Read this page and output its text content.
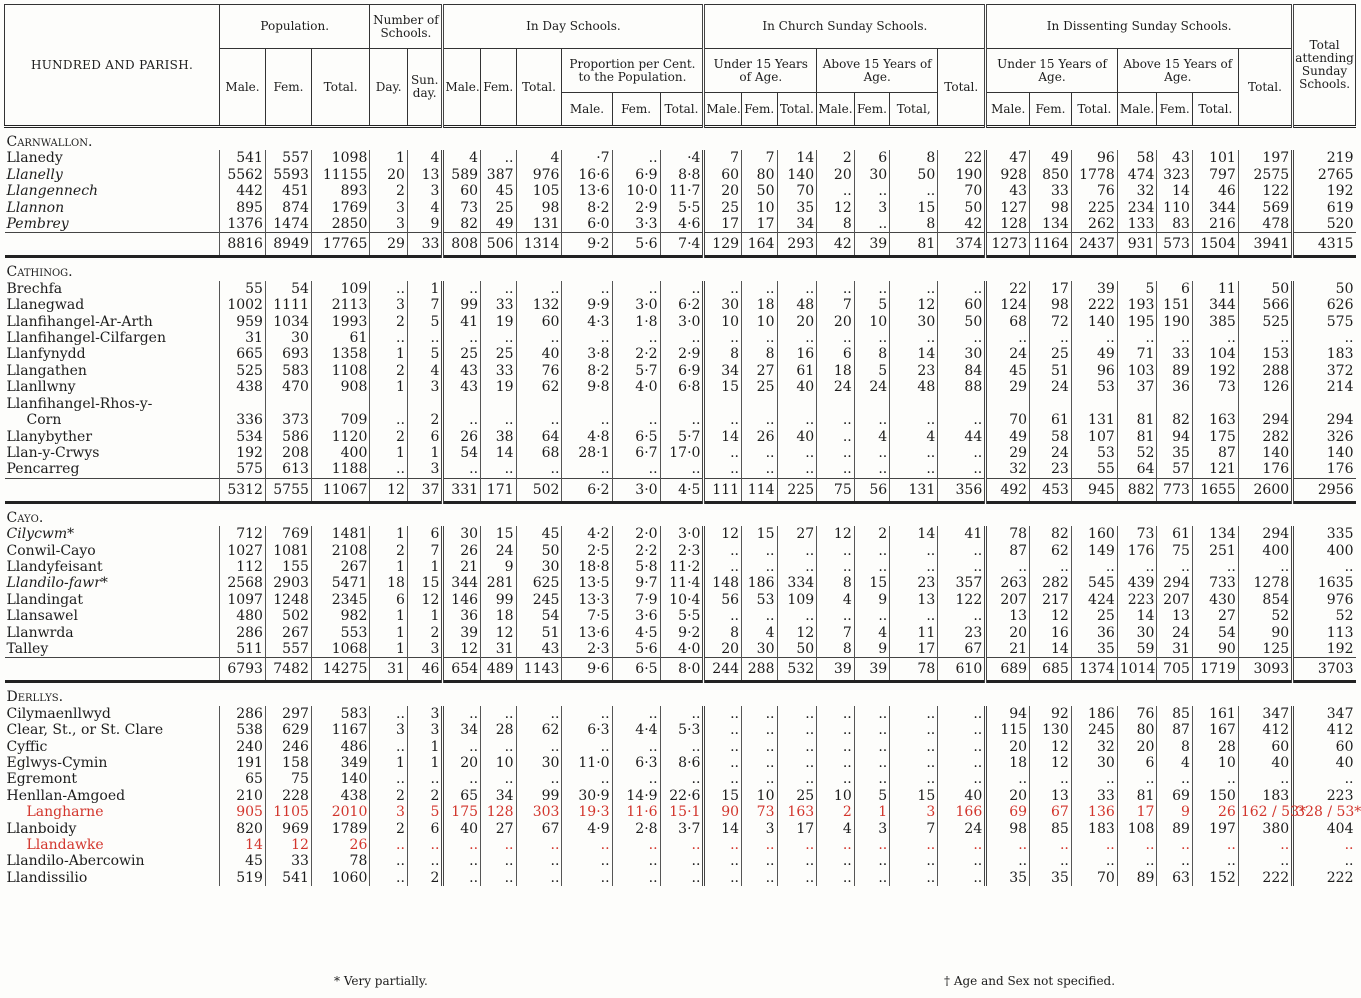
HUNDRED AND PARISH.	Population.			Number of Schools.		In Day Schools.						In Church Sunday Schools.							In Dissenting Sunday Schools.							Total attending Sunday Schools.
	Male.	Fem.	Total.	Day.	Sun. day.	Male.	Fem.	Total.	Proportion per Cent. to the Population.			Under 15 Years of Age.			Above 15 Years of Age.			Total.	Under 15 Years of Age.			Above 15 Years of Age.			Total.	
									Male.	Fem.	Total.	Male.	Fem.	Total.	Male.	Fem.	Total,		Male.	Fem.	Total.	Male.	Fem.	Total.		
Carnwallon.																										
Llanedy	541	557	1098	1	4	4	..	4	·7	..	·4	7	7	14	2	6	8	22	47	49	96	58	43	101	197	219
Llanelly	5562	5593	11155	20	13	589	387	976	16·6	6·9	8·8	60	80	140	20	30	50	190	928	850	1778	474	323	797	2575	2765
Llangennech	442	451	893	2	3	60	45	105	13·6	10·0	11·7	20	50	70	..	..	..	70	43	33	76	32	14	46	122	192
Llannon	895	874	1769	3	4	73	25	98	8·2	2·9	5·5	25	10	35	12	3	15	50	127	98	225	234	110	344	569	619
Pembrey	1376	1474	2850	3	9	82	49	131	6·0	3·3	4·6	17	17	34	8	..	8	42	128	134	262	133	83	216	478	520
	8816	8949	17765	29	33	808	506	1314	9·2	5·6	7·4	129	164	293	42	39	81	374	1273	1164	2437	931	573	1504	3941	4315
Cathinog.																										
Brechfa	55	54	109	..	1	..	..	..	..	..	..	..	..	..	..	..	..	..	22	17	39	5	6	11	50	50
Llanegwad	1002	1111	2113	3	7	99	33	132	9·9	3·0	6·2	30	18	48	7	5	12	60	124	98	222	193	151	344	566	626
Llanfihangel-Ar-Arth	959	1034	1993	2	5	41	19	60	4·3	1·8	3·0	10	10	20	20	10	30	50	68	72	140	195	190	385	525	575
Llanfihangel-Cilfargen	31	30	61	..	..	..	..	..	..	..	..	..	..	..	..	..	..	..	..	..	..	..	..	..	..	..
Llanfynydd	665	693	1358	1	5	25	25	40	3·8	2·2	2·9	8	8	16	6	8	14	30	24	25	49	71	33	104	153	183
Llangathen	525	583	1108	2	4	43	33	76	8·2	5·7	6·9	34	27	61	18	5	23	84	45	51	96	103	89	192	288	372
Llanllwny	438	470	908	1	3	43	19	62	9·8	4·0	6·8	15	25	40	24	24	48	88	29	24	53	37	36	73	126	214
Llanfihangel-Rhos-y-																										
Corn	336	373	709	..	2	..	..	..	..	..	..	..	..	..	..	..	..	..	70	61	131	81	82	163	294	294
Llanybyther	534	586	1120	2	6	26	38	64	4·8	6·5	5·7	14	26	40	..	4	4	44	49	58	107	81	94	175	282	326
Llan-y-Crwys	192	208	400	1	1	54	14	68	28·1	6·7	17·0	..	..	..	..	..	..	..	29	24	53	52	35	87	140	140
Pencarreg	575	613	1188	..	3	..	..	..	..	..	..	..	..	..	..	..	..	..	32	23	55	64	57	121	176	176
	5312	5755	11067	12	37	331	171	502	6·2	3·0	4·5	111	114	225	75	56	131	356	492	453	945	882	773	1655	2600	2956
Cayo.																										
Cilycwm*	712	769	1481	1	6	30	15	45	4·2	2·0	3·0	12	15	27	12	2	14	41	78	82	160	73	61	134	294	335
Conwil-Cayo	1027	1081	2108	2	7	26	24	50	2·5	2·2	2·3	..	..	..	..	..	..	..	87	62	149	176	75	251	400	400
Llandyfeisant	112	155	267	1	1	21	9	30	18·8	5·8	11·2	..	..	..	..	..	..	..	..	..	..	..	..	..	..	..
Llandilo-fawr*	2568	2903	5471	18	15	344	281	625	13·5	9·7	11·4	148	186	334	8	15	23	357	263	282	545	439	294	733	1278	1635
Llandingat	1097	1248	2345	6	12	146	99	245	13·3	7·9	10·4	56	53	109	4	9	13	122	207	217	424	223	207	430	854	976
Llansawel	480	502	982	1	1	36	18	54	7·5	3·6	5·5	..	..	..	..	..	..	..	13	12	25	14	13	27	52	52
Llanwrda	286	267	553	1	2	39	12	51	13·6	4·5	9·2	8	4	12	7	4	11	23	20	16	36	30	24	54	90	113
Talley	511	557	1068	1	3	12	31	43	2·3	5·6	4·0	20	30	50	8	9	17	67	21	14	35	59	31	90	125	192
	6793	7482	14275	31	46	654	489	1143	9·6	6·5	8·0	244	288	532	39	39	78	610	689	685	1374	1014	705	1719	3093	3703
Derllys.																										
Cilymaenllwyd	286	297	583	..	3	..	..	..	..	..	..	..	..	..	..	..	..	..	94	92	186	76	85	161	347	347
Clear, St., or St. Clare	538	629	1167	3	3	34	28	62	6·3	4·4	5·3	..	..	..	..	..	..	..	115	130	245	80	87	167	412	412
Cyffic	240	246	486	..	1	..	..	..	..	..	..	..	..	..	..	..	..	..	20	12	32	20	8	28	60	60
Eglwys-Cymin	191	158	349	1	1	20	10	30	11·0	6·3	8·6	..	..	..	..	..	..	..	18	12	30	6	4	10	40	40
Egremont	65	75	140	..	..	..	..	..	..	..	..	..	..	..	..	..	..	..	..	..	..	..	..	..	..	..
Henllan-Amgoed	210	228	438	2	2	65	34	99	30·9	14·9	22·6	15	10	25	10	5	15	40	20	13	33	81	69	150	183	223
Langharne	905	1105	2010	3	5	175	128	303	19·3	11·6	15·1	90	73	163	2	1	3	166	69	67	136	17	9	26	162 / 53*	328 / 53*
Llanboidy	820	969	1789	2	6	40	27	67	4·9	2·8	3·7	14	3	17	4	3	7	24	98	85	183	108	89	197	380	404
Llandawke	14	12	26	..	..	..	..	..	..	..	..	..	..	..	..	..	..	..	..	..	..	..	..	..	..	..
Llandilo-Abercowin	45	33	78	..	..	..	..	..	..	..	..	..	..	..	..	..	..	..	..	..	..	..	..	..	..	..
Llandissilio	519	541	1060	..	2	..	..	..	..	..	..	..	..	..	..	..	..	..	35	35	70	89	63	152	222	222
* Very partially.	† Age and Sex not specified.
